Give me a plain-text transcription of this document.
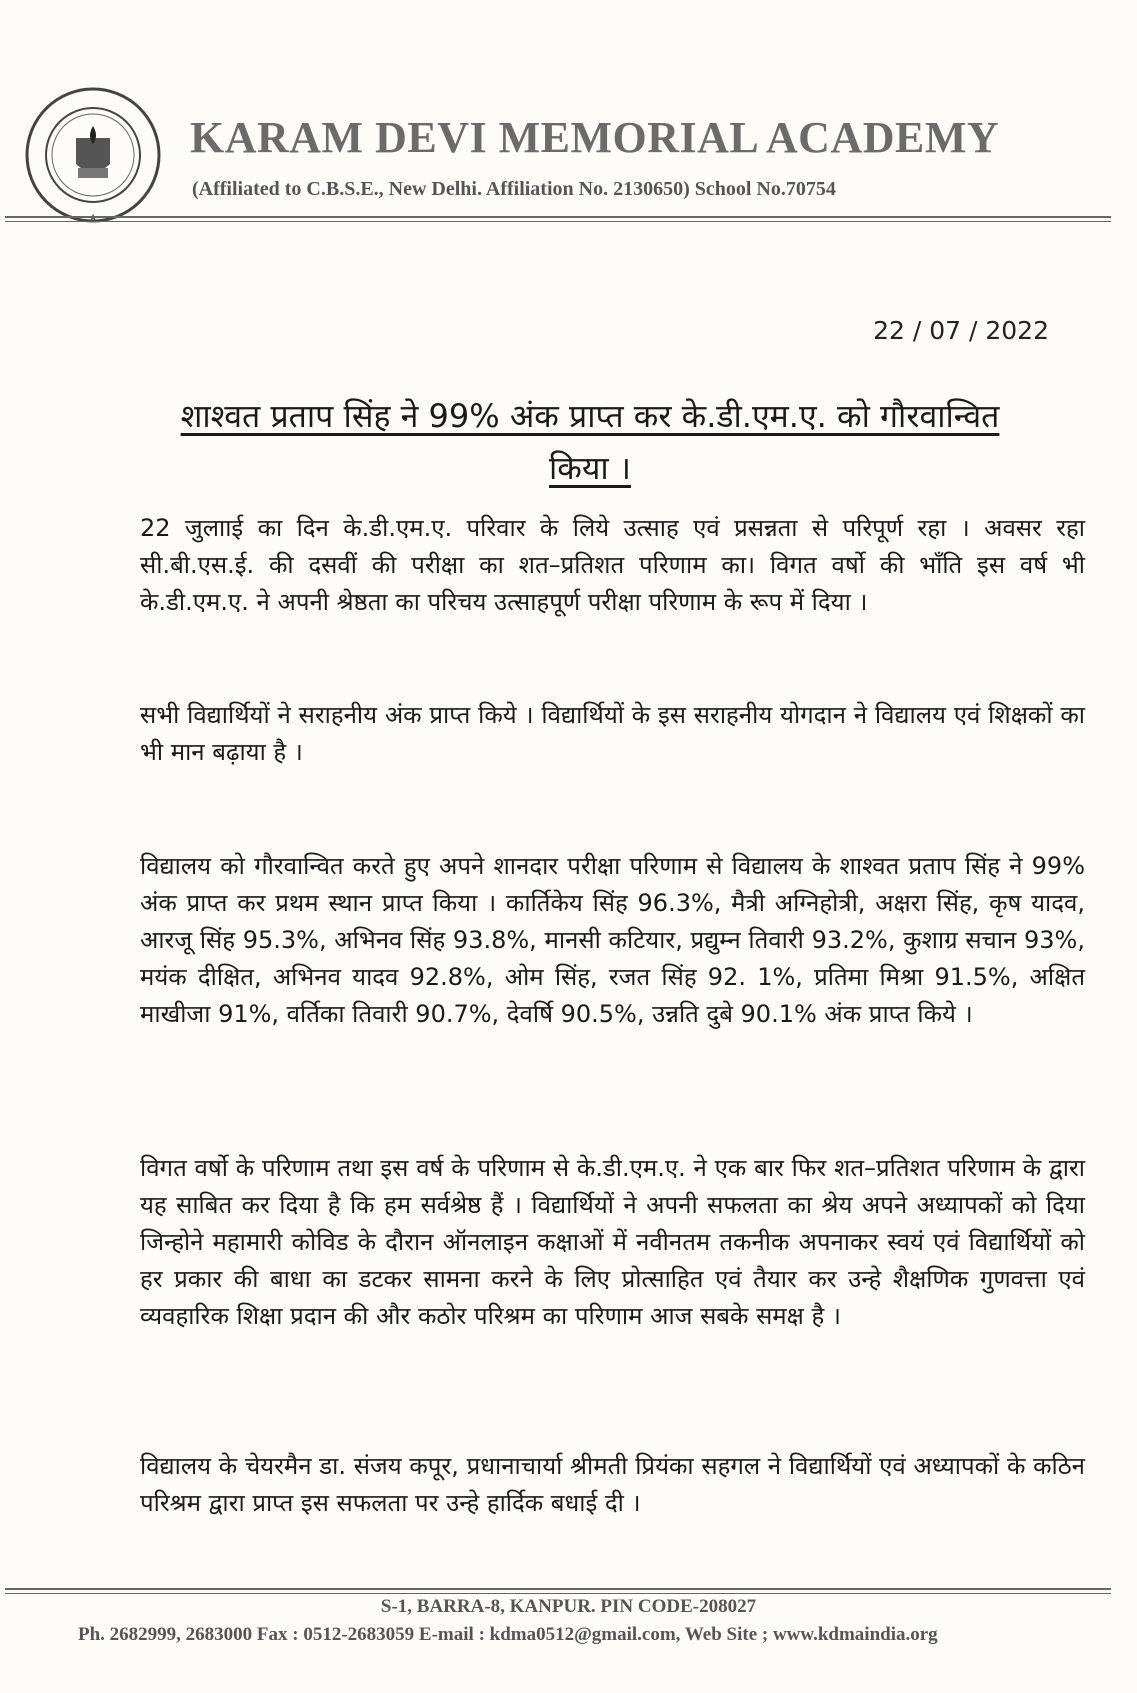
★
KARAM DEVI MEMORIAL ACADEMY
(Affiliated to C.B.S.E., New Delhi. Affiliation No. 2130650) School No.70754
22 / 07 / 2022
शाश्वत प्रताप सिंह ने 99% अंक प्राप्त कर के.डी.एम.ए. को गौरवान्वित किया ।

22 जुलााई का दिन के.डी.एम.ए. परिवार के लिये उत्साह एवं प्रसन्नता से परिपूर्ण रहा । अवसर रहा सी.बी.एस.ई. की दसवीं की परीक्षा का शत–प्रतिशत परिणाम का। विगत वर्षो की भाँति इस वर्ष भी के.डी.एम.ए. ने अपनी श्रेष्ठता का परिचय उत्साहपूर्ण परीक्षा परिणाम के रूप में दिया ।

सभी विद्यार्थियों ने सराहनीय अंक प्राप्त किये । विद्यार्थियों के इस सराहनीय योगदान ने विद्यालय एवं शिक्षकों का भी मान बढ़ाया है ।

विद्यालय को गौरवान्वित करते हुए अपने शानदार परीक्षा परिणाम से विद्यालय के शाश्वत प्रताप सिंह ने 99% अंक प्राप्त कर प्रथम स्थान प्राप्त किया । कार्तिकेय सिंह 96.3%, मैत्री अग्निहोत्री, अक्षरा सिंह, कृष यादव, आरजू सिंह 95.3%, अभिनव सिंह 93.8%, मानसी कटियार, प्रद्युम्न तिवारी 93.2%, कुशाग्र सचान 93%, मयंक दीक्षित, अभिनव यादव 92.8%, ओम सिंह, रजत सिंह 92. 1%, प्रतिमा मिश्रा 91.5%, अक्षित माखीजा 91%, वर्तिका तिवारी 90.7%, देवर्षि 90.5%, उन्नति दुबे 90.1% अंक प्राप्त किये ।

विगत वर्षो के परिणाम तथा इस वर्ष के परिणाम से के.डी.एम.ए. ने एक बार फिर शत–प्रतिशत परिणाम के द्वारा यह साबित कर दिया है कि हम सर्वश्रेष्ठ हैं । विद्यार्थियों ने अपनी सफलता का श्रेय अपने अध्यापकों को दिया जिन्होने महामारी कोविड के दौरान ऑनलाइन कक्षाओं में नवीनतम तकनीक अपनाकर स्वयं एवं विद्यार्थियों को हर प्रकार की बाधा का डटकर सामना करने के लिए प्रोत्साहित एवं तैयार कर उन्हे शैक्षणिक गुणवत्ता एवं व्यवहारिक शिक्षा प्रदान की और कठोर परिश्रम का परिणाम आज सबके समक्ष है ।

विद्यालय के चेयरमैन डा. संजय कपूर, प्रधानाचार्या श्रीमती प्रियंका सहगल ने विद्यार्थियों एवं अध्यापकों के कठिन परिश्रम द्वारा प्राप्त इस सफलता पर उन्हे हार्दिक बधाई दी ।

S-1, BARRA-8, KANPUR. PIN CODE-208027
Ph. 2682999, 2683000 Fax : 0512-2683059 E-mail : kdma0512@gmail.com, Web Site ; www.kdmaindia.org
